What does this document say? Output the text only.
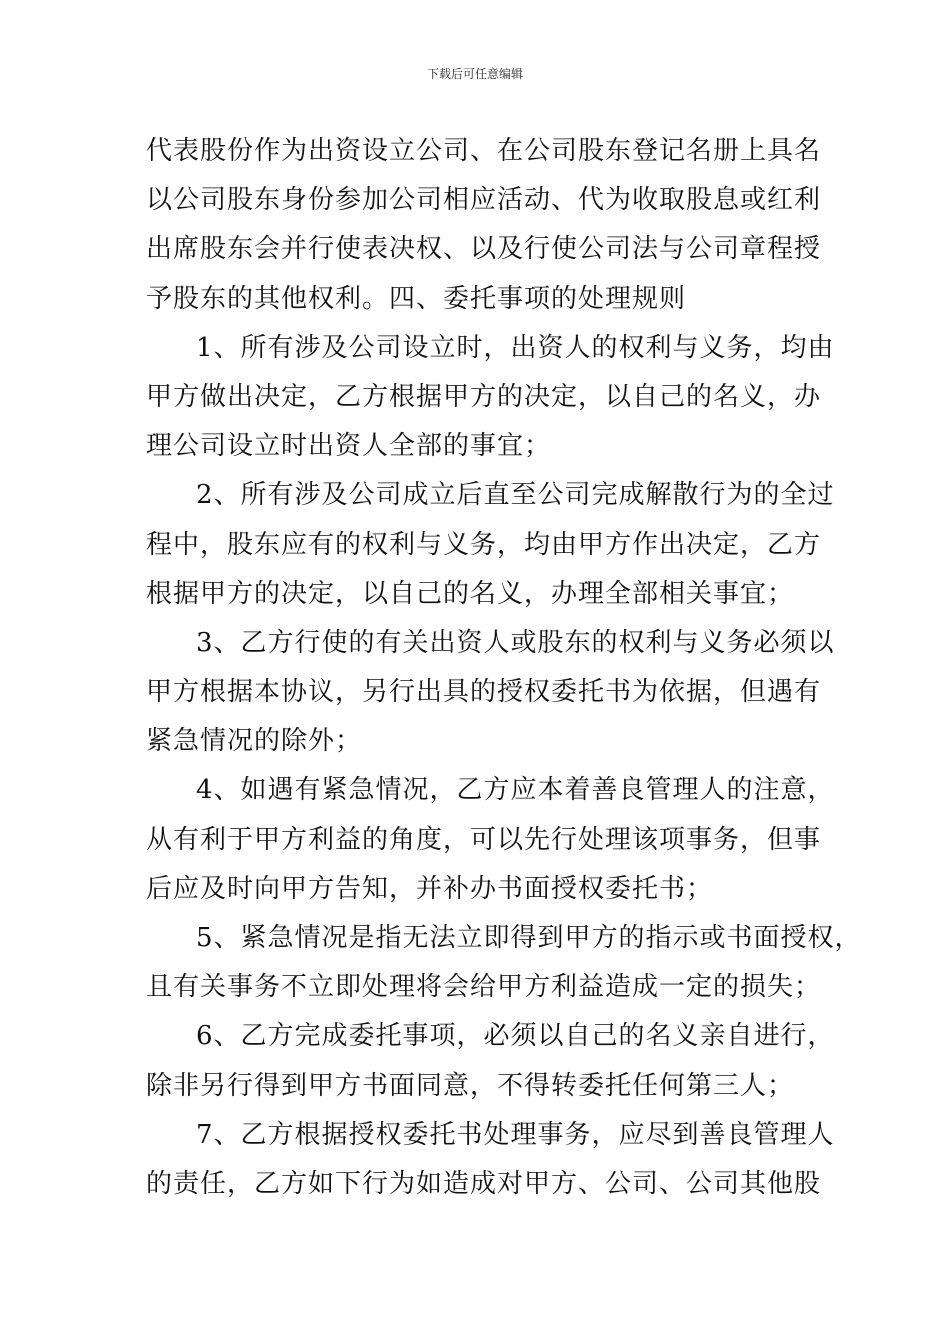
下载后可任意编辑
代表股份作为出资设立公司、在公司股东登记名册上具名
以公司股东身份参加公司相应活动、代为收取股息或红利
出席股东会并行使表决权、以及行使公司法与公司章程授
予股东的其他权利。四、委托事项的处理规则
1、所有涉及公司设立时，出资人的权利与义务，均由
甲方做出决定，乙方根据甲方的决定，以自己的名义，办
理公司设立时出资人全部的事宜；
2、所有涉及公司成立后直至公司完成解散行为的全过
程中，股东应有的权利与义务，均由甲方作出决定，乙方
根据甲方的决定，以自己的名义，办理全部相关事宜；
3、乙方行使的有关出资人或股东的权利与义务必须以
甲方根据本协议，另行出具的授权委托书为依据，但遇有
紧急情况的除外；
4、如遇有紧急情况，乙方应本着善良管理人的注意，
从有利于甲方利益的角度，可以先行处理该项事务，但事
后应及时向甲方告知，并补办书面授权委托书；
5、紧急情况是指无法立即得到甲方的指示或书面授权，
且有关事务不立即处理将会给甲方利益造成一定的损失；
6、乙方完成委托事项，必须以自己的名义亲自进行，
除非另行得到甲方书面同意，不得转委托任何第三人；
7、乙方根据授权委托书处理事务，应尽到善良管理人
的责任，乙方如下行为如造成对甲方、公司、公司其他股
